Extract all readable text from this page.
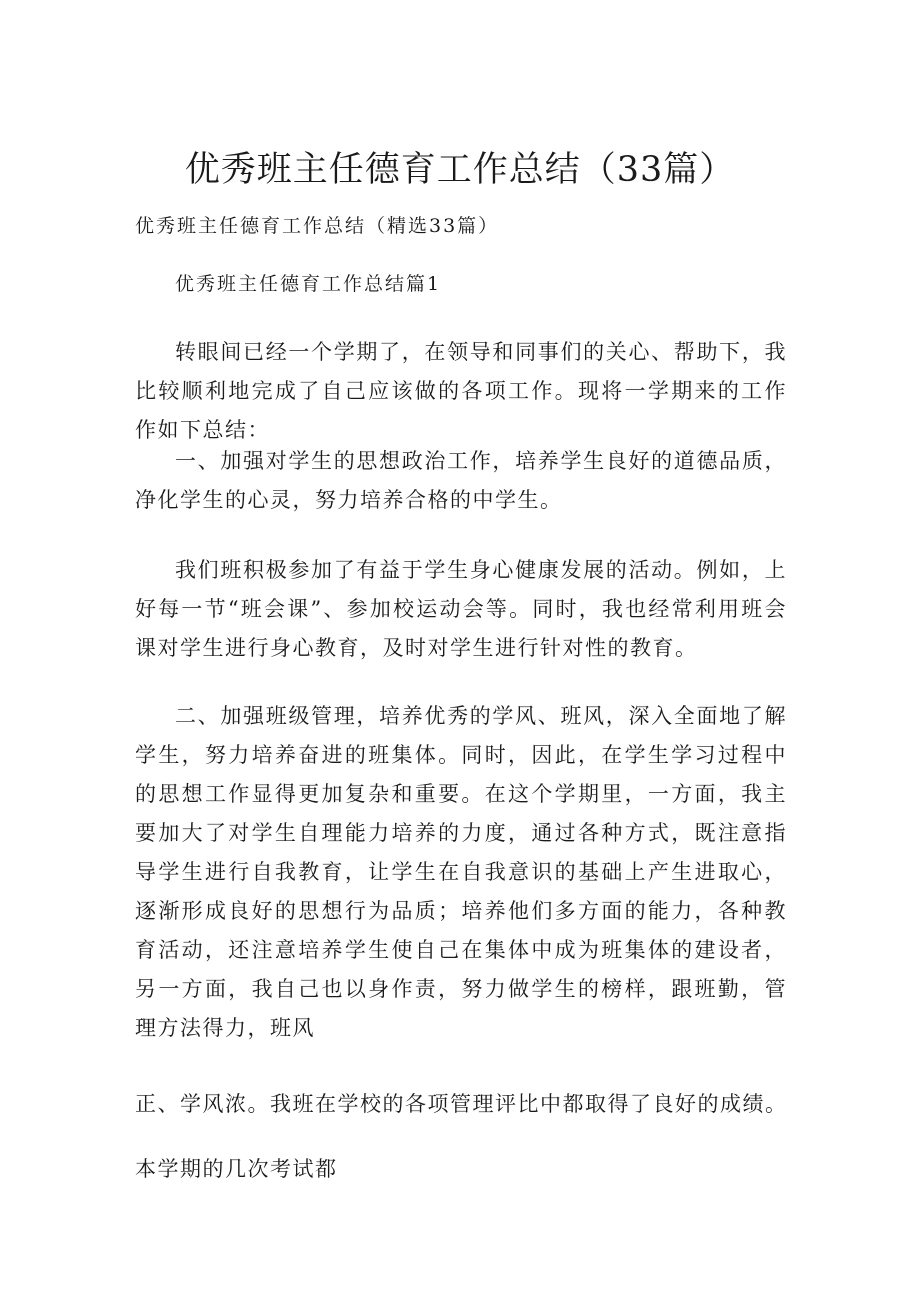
优秀班主任德育工作总结（33篇）
优秀班主任德育工作总结（精选33篇）
优秀班主任德育工作总结篇1

转眼间已经一个学期了，在领导和同事们的关心、帮助下，我比较顺利地完成了自己应该做的各项工作。现将一学期来的工作作如下总结：

一、加强对学生的思想政治工作，培养学生良好的道德品质，净化学生的心灵，努力培养合格的中学生。

我们班积极参加了有益于学生身心健康发展的活动。例如，上好每一节“班会课”、参加校运动会等。同时，我也经常利用班会课对学生进行身心教育，及时对学生进行针对性的教育。

二、加强班级管理，培养优秀的学风、班风，深入全面地了解学生，努力培养奋进的班集体。同时，因此，在学生学习过程中的思想工作显得更加复杂和重要。在这个学期里，一方面，我主要加大了对学生自理能力培养的力度，通过各种方式，既注意指导学生进行自我教育，让学生在自我意识的基础上产生进取心，逐渐形成良好的思想行为品质；培养他们多方面的能力，各种教育活动，还注意培养学生使自己在集体中成为班集体的建设者，另一方面，我自己也以身作责，努力做学生的榜样，跟班勤，管理方法得力，班风

正、学风浓。我班在学校的各项管理评比中都取得了良好的成绩。

本学期的几次考试都
